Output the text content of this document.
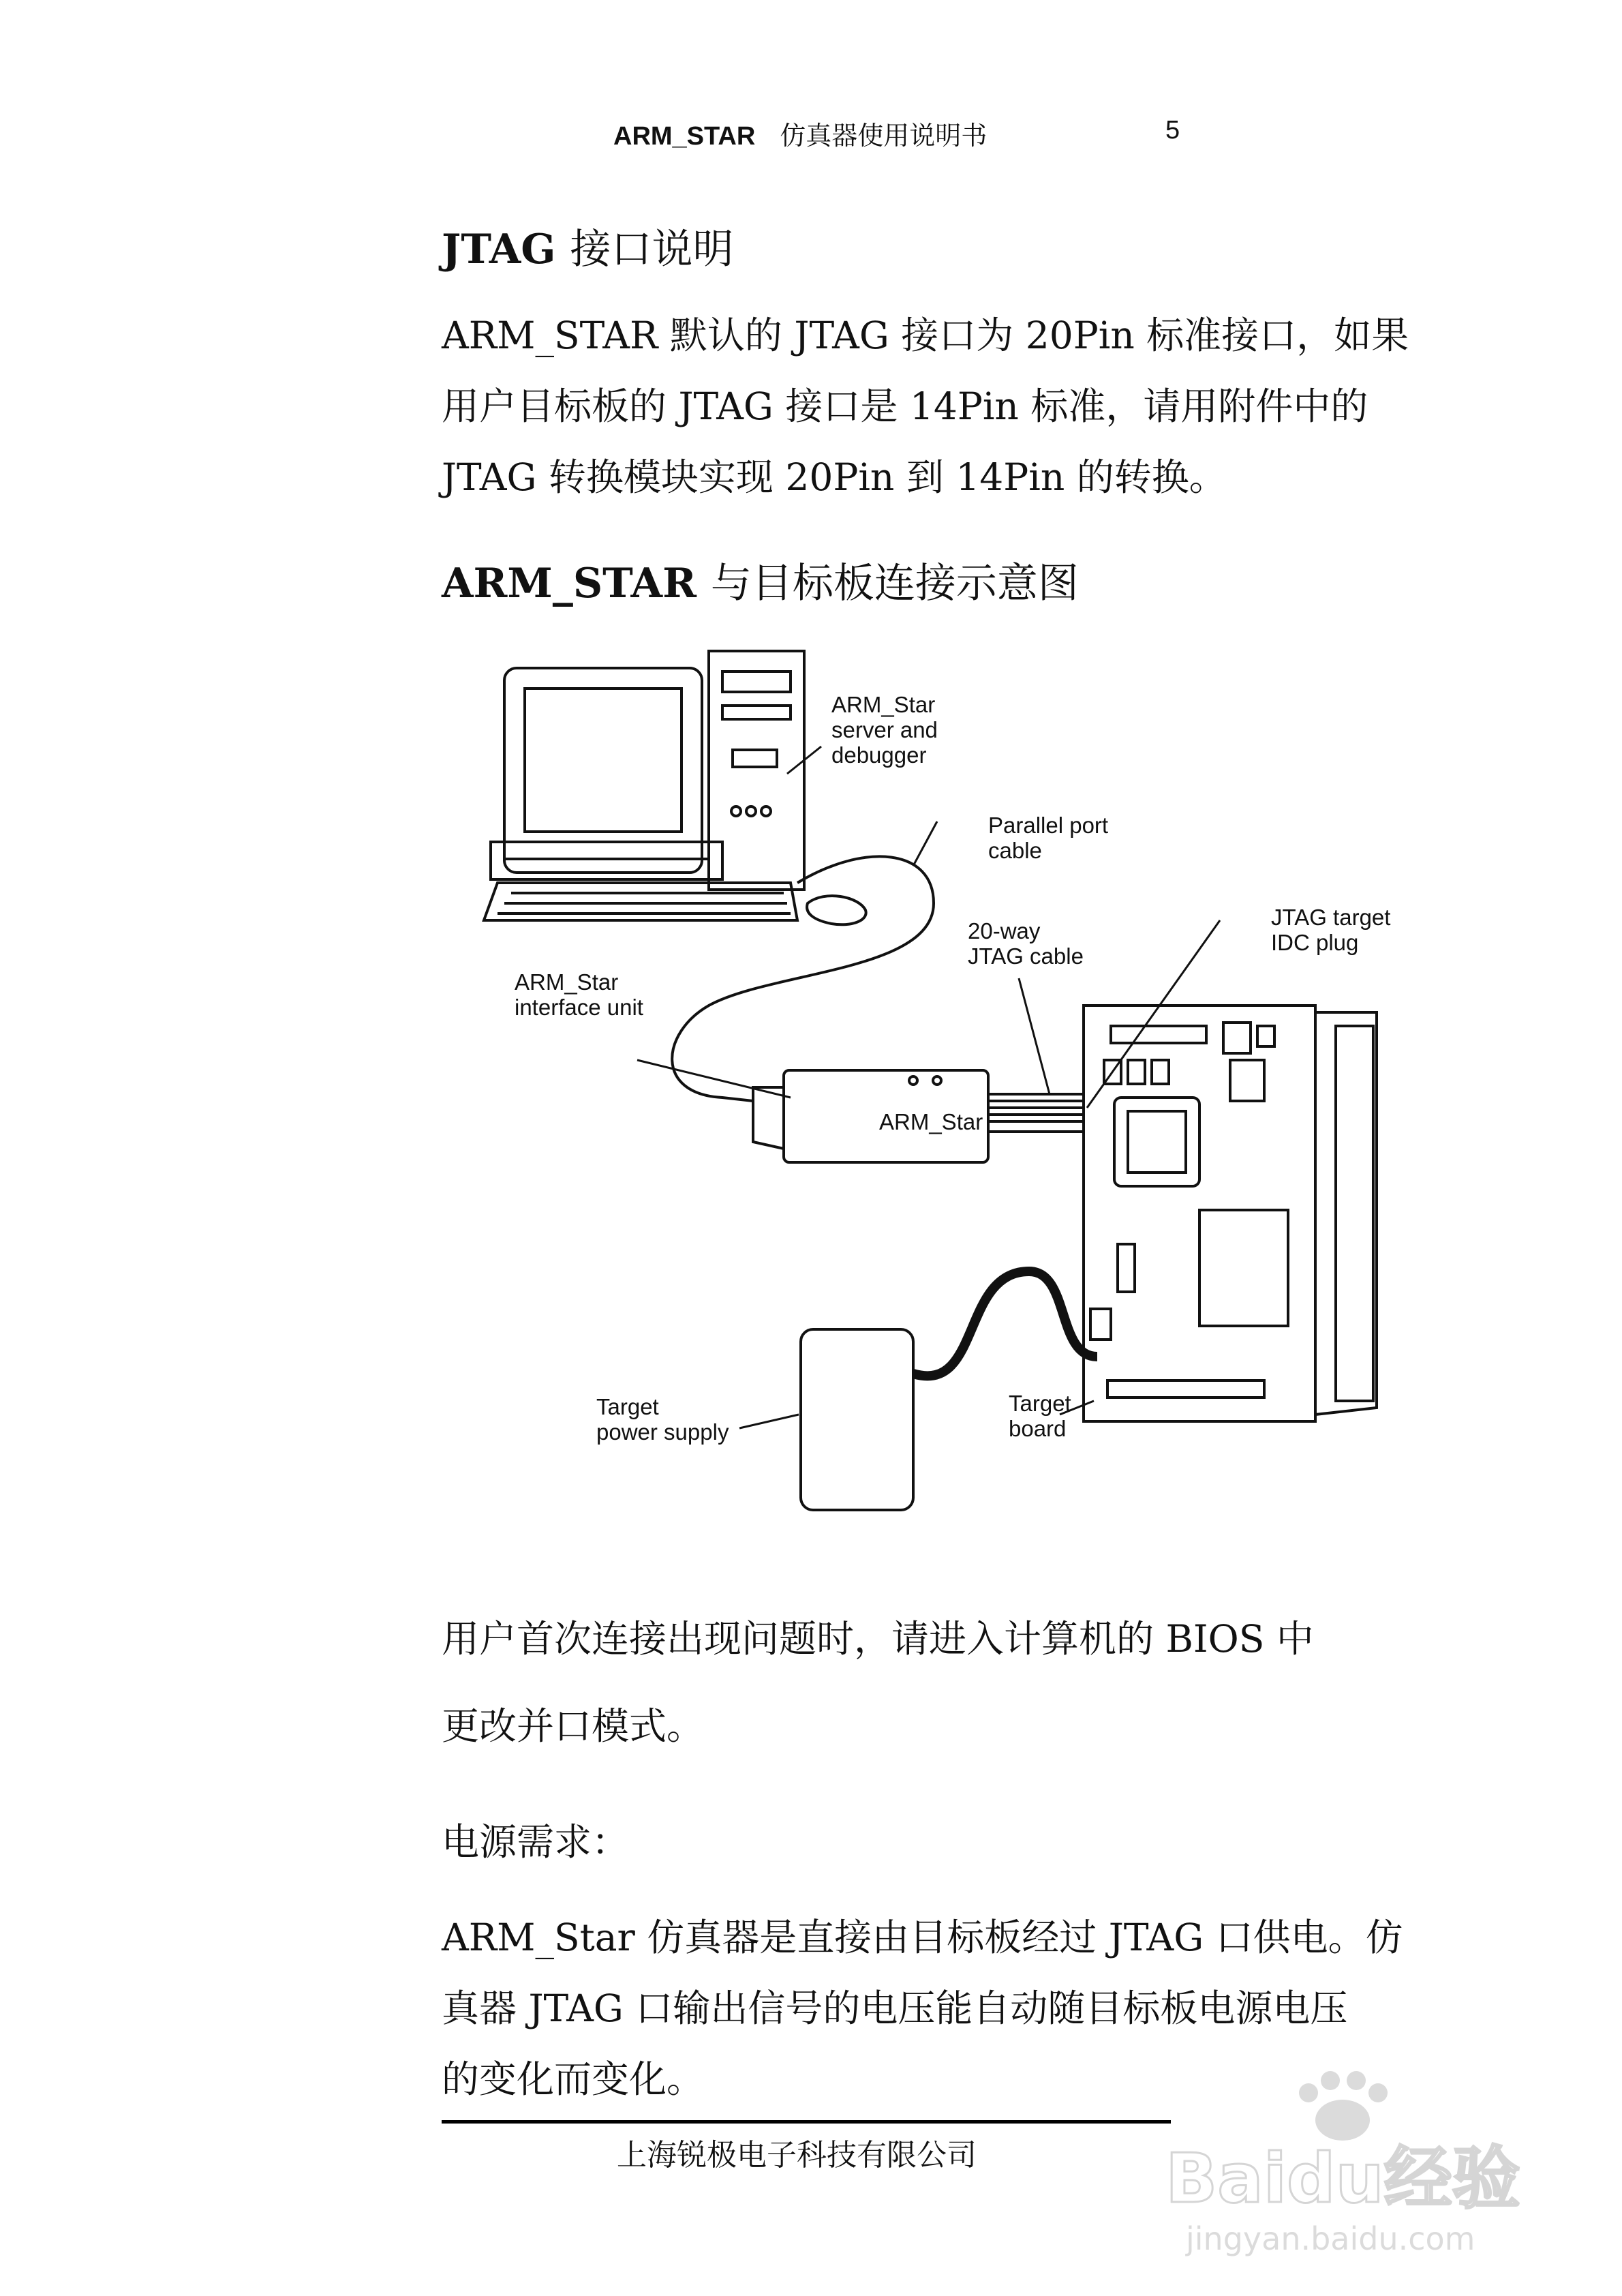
ARM_STAR 仿真器使用说明书	5
JTAG 接口说明
ARM_STAR 默认的 JTAG 接口为 20Pin 标准接口，如果
用户目标板的 JTAG 接口是 14Pin 标准，请用附件中的
JTAG 转换模块实现 20Pin 到 14Pin 的转换。
ARM_STAR 与目标板连接示意图
ARM_Star
server and
debugger
Parallel port
cable
20-way
JTAG cable
JTAG target
IDC plug
ARM_Star
interface unit
ARM_Star
Target
power supply
Target
board
用户首次连接出现问题时，请进入计算机的 BIOS 中
更改并口模式。
电源需求：
ARM_Star 仿真器是直接由目标板经过 JTAG 口供电。仿
真器 JTAG 口输出信号的电压能自动随目标板电源电压
的变化而变化。
上海锐极电子科技有限公司	Baidu经验
jingyan.baidu.com
